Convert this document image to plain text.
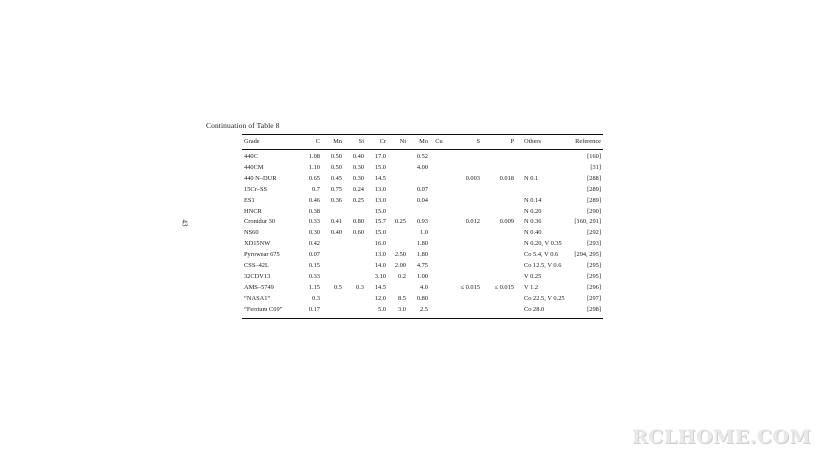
Continuation of Table 8
43
Grade	C	Mn	Si	Cr	Ni	Mo	Cu	S	P	Others	Reference
440C	1.08	0.50	0.40	17.0		0.52					[160]
440CM	1.10	0.50	0.30	15.0		4.00					[31]
440 N–DUR	0.65	0.45	0.30	14.5				0.003	0.018	N 0.1	[288]
15Cr–SS	0.7	0.75	0.24	13.0		0.07					[289]
ES1	0.46	0.36	0.25	13.0		0.04				N 0.14	[289]
HNCR	0.38			15.0						N 0.20	[290]
Cronidur 30	0.33	0.41	0.80	15.7	0.25	0.93		0.012	0.009	N 0.36	[160, 291]
NS60	0.30	0.40	0.60	15.0		1.0				N 0.40	[292]
XD15NW	0.42			16.0		1.80				N 0.20, V 0.35	[293]
Pyrowear 675	0.07			13.0	2.50	1.80				Co 5.4, V 0.6	[294, 295]
CSS–42L	0.15			14.0	2.00	4.75				Co 12.5, V 0.6	[295]
32CDV13	0.33			3.10	0.2	1.00				V 0.25	[295]
AMS–5749	1.15	0.5	0.3	14.5		4.0		≤ 0.015	≤ 0.015	V 1.2	[296]
“NASA1”	0.3			12.0	8.5	0.80				Co 22.5, V 0.25	[297]
“Ferrium C69”	0.17			5.0	3.0	2.5				Co 28.0	[298]
RCLHOME.COM
